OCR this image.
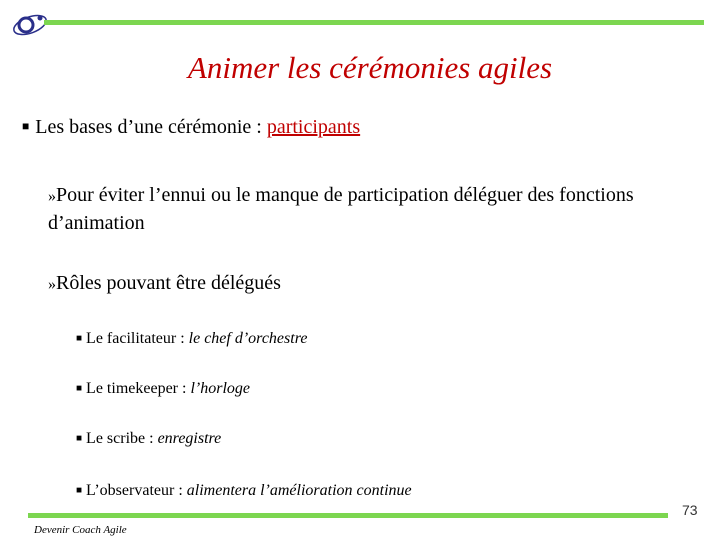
Animer les cérémonies agiles
■ Les bases d’une cérémonie : participants
»Pour éviter l’ennui ou le manque de participation déléguer des fonctions d’animation
»Rôles pouvant être délégués
■ Le facilitateur : le chef d’orchestre
■ Le timekeeper : l’horloge
■ Le scribe : enregistre
■ L’observateur : alimentera l’amélioration continue
Devenir Coach Agile
73
